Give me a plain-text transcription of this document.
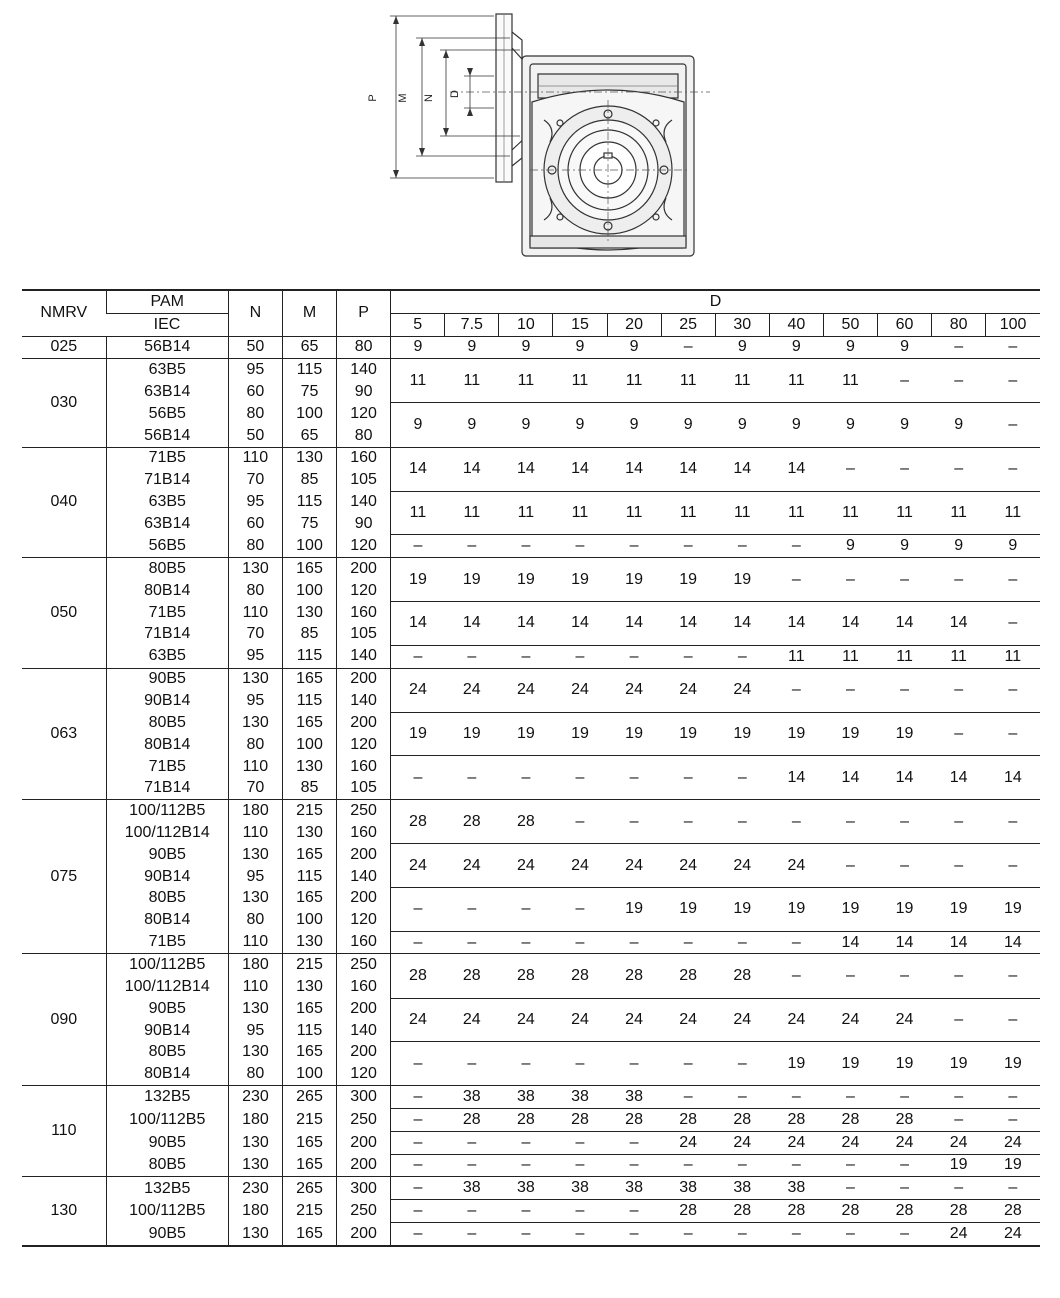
P M N
D
NMRV	PAM	N	M	P	D											
	IEC				5	7.5	10	15	20	25	30	40	50	60	80	100
025	56B14	50	65	80	9	9	9	9	9	–	9	9	9	9	–	–
030	63B5	95	115	140	11	11	11	11	11	11	11	11	11	–	–	–
	63B14	60	75	90												
	56B5	80	100	120	9	9	9	9	9	9	9	9	9	9	9	–
	56B14	50	65	80												
040	71B5	110	130	160	14	14	14	14	14	14	14	14	–	–	–	–
	71B14	70	85	105												
	63B5	95	115	140	11	11	11	11	11	11	11	11	11	11	11	11
	63B14	60	75	90												
	56B5	80	100	120	–	–	–	–	–	–	–	–	9	9	9	9
050	80B5	130	165	200	19	19	19	19	19	19	19	–	–	–	–	–
	80B14	80	100	120												
	71B5	110	130	160	14	14	14	14	14	14	14	14	14	14	14	–
	71B14	70	85	105												
	63B5	95	115	140	–	–	–	–	–	–	–	11	11	11	11	11
063	90B5	130	165	200	24	24	24	24	24	24	24	–	–	–	–	–
	90B14	95	115	140												
	80B5	130	165	200	19	19	19	19	19	19	19	19	19	19	–	–
	80B14	80	100	120												
	71B5	110	130	160	–	–	–	–	–	–	–	14	14	14	14	14
	71B14	70	85	105												
075	100/112B5	180	215	250	28	28	28	–	–	–	–	–	–	–	–	–
	100/112B14	110	130	160												
	90B5	130	165	200	24	24	24	24	24	24	24	24	–	–	–	–
	90B14	95	115	140												
	80B5	130	165	200	–	–	–	–	19	19	19	19	19	19	19	19
	80B14	80	100	120												
	71B5	110	130	160	–	–	–	–	–	–	–	–	14	14	14	14
090	100/112B5	180	215	250	28	28	28	28	28	28	28	–	–	–	–	–
	100/112B14	110	130	160												
	90B5	130	165	200	24	24	24	24	24	24	24	24	24	24	–	–
	90B14	95	115	140												
	80B5	130	165	200	–	–	–	–	–	–	–	19	19	19	19	19
	80B14	80	100	120												
110	132B5	230	265	300	–	38	38	38	38	–	–	–	–	–	–	–
	100/112B5	180	215	250	–	28	28	28	28	28	28	28	28	28	–	–
	90B5	130	165	200	–	–	–	–	–	24	24	24	24	24	24	24
	80B5	130	165	200	–	–	–	–	–	–	–	–	–	–	19	19
130	132B5	230	265	300	–	38	38	38	38	38	38	38	–	–	–	–
	100/112B5	180	215	250	–	–	–	–	–	28	28	28	28	28	28	28
	90B5	130	165	200	–	–	–	–	–	–	–	–	–	–	24	24
